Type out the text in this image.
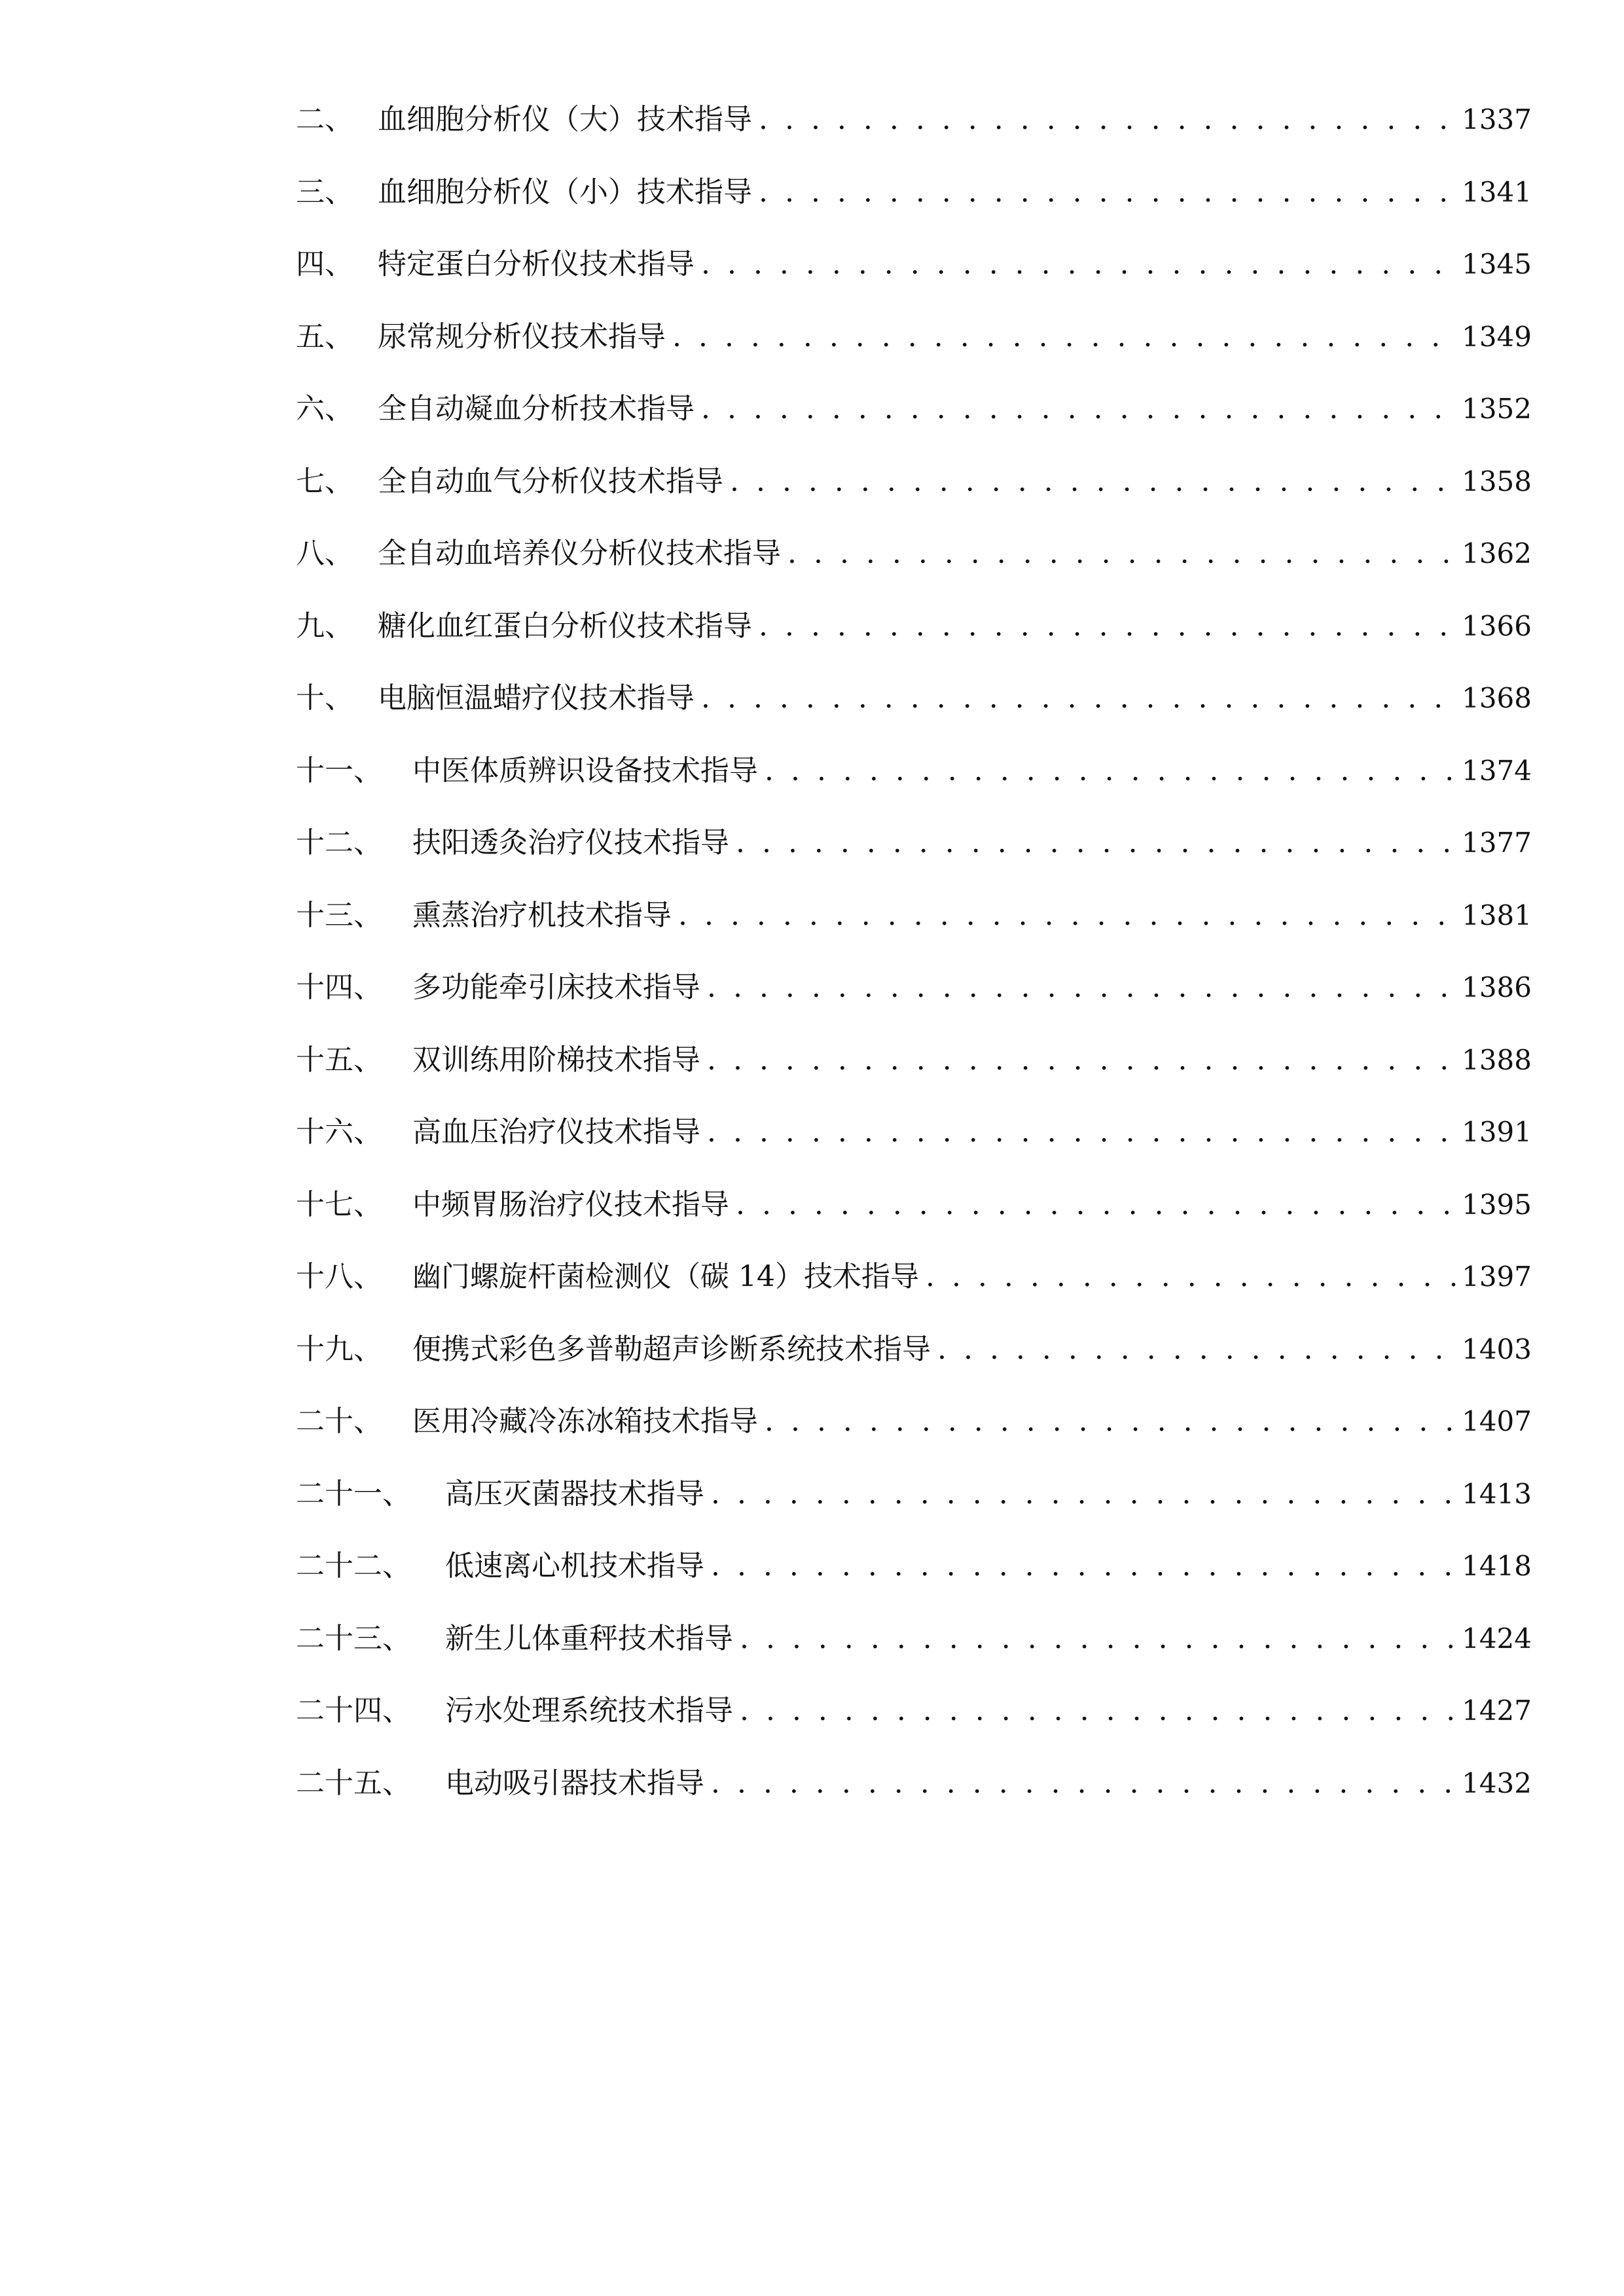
二、 血细胞分析仪（大）技术指导 . . .	1337
三、 血细胞分析仪（小）技术指导 . . .	1341
四、 特定蛋白分析仪技术指导 . . .	1345
五、 尿常规分析仪技术指导 . . .	1349
六、 全自动凝血分析技术指导 . . .	1352
七、 全自动血气分析仪技术指导 . . .	1358
八、 全自动血培养仪分析仪技术指导 . . .	1362
九、 糖化血红蛋白分析仪技术指导 . . .	1366
十、 电脑恒温蜡疗仪技术指导 . . .	1368
十一、	中医体质辨识设备技术指导 . . .	1374
十二、	扶阳透灸治疗仪技术指导 . . .	1377
十三、	熏蒸治疗机技术指导 . . .	1381
十四、	多功能牵引床技术指导 . . .	1386
十五、	双训练用阶梯技术指导 . . .	1388
十六、	高血压治疗仪技术指导 . . .	1391
十七、	中频胃肠治疗仪技术指导 . . .	1395
十八、	幽门螺旋杆菌检测仪（碳 14）技术指导 . . .	1397
十九、	便携式彩色多普勒超声诊断系统技术指导 . . .	1403
二十、	医用冷藏冷冻冰箱技术指导 . . .	1407
二十一、	高压灭菌器技术指导 . . .	1413
二十二、	低速离心机技术指导 . . .	1418
二十三、	新生儿体重秤技术指导 . . .	1424
二十四、	污水处理系统技术指导 . . .	1427
二十五、	电动吸引器技术指导 . . .	1432
